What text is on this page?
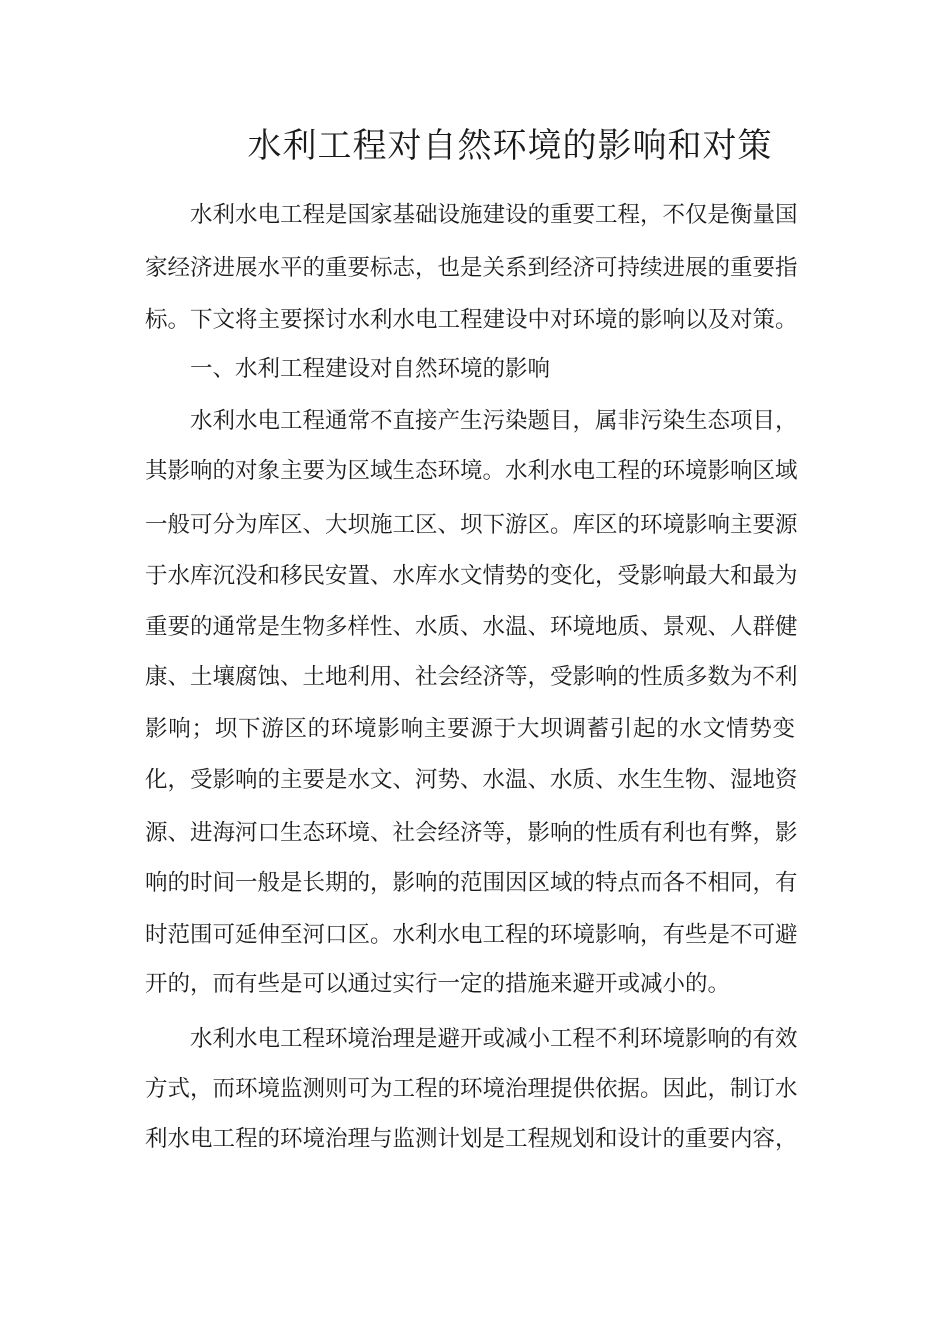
水利工程对自然环境的影响和对策

水利水电工程是国家基础设施建设的重要工程，不仅是衡量国

家经济进展水平的重要标志，也是关系到经济可持续进展的重要指

标。下文将主要探讨水利水电工程建设中对环境的影响以及对策。

一、水利工程建设对自然环境的影响

水利水电工程通常不直接产生污染题目，属非污染生态项目，

其影响的对象主要为区域生态环境。水利水电工程的环境影响区域

一般可分为库区、大坝施工区、坝下游区。库区的环境影响主要源

于水库沉没和移民安置、水库水文情势的变化，受影响最大和最为

重要的通常是生物多样性、水质、水温、环境地质、景观、人群健

康、土壤腐蚀、土地利用、社会经济等，受影响的性质多数为不利

影响；坝下游区的环境影响主要源于大坝调蓄引起的水文情势变

化，受影响的主要是水文、河势、水温、水质、水生生物、湿地资

源、进海河口生态环境、社会经济等，影响的性质有利也有弊，影

响的时间一般是长期的，影响的范围因区域的特点而各不相同，有

时范围可延伸至河口区。水利水电工程的环境影响，有些是不可避

开的，而有些是可以通过实行一定的措施来避开或减小的。

水利水电工程环境治理是避开或减小工程不利环境影响的有效

方式，而环境监测则可为工程的环境治理提供依据。因此，制订水

利水电工程的环境治理与监测计划是工程规划和设计的重要内容，
